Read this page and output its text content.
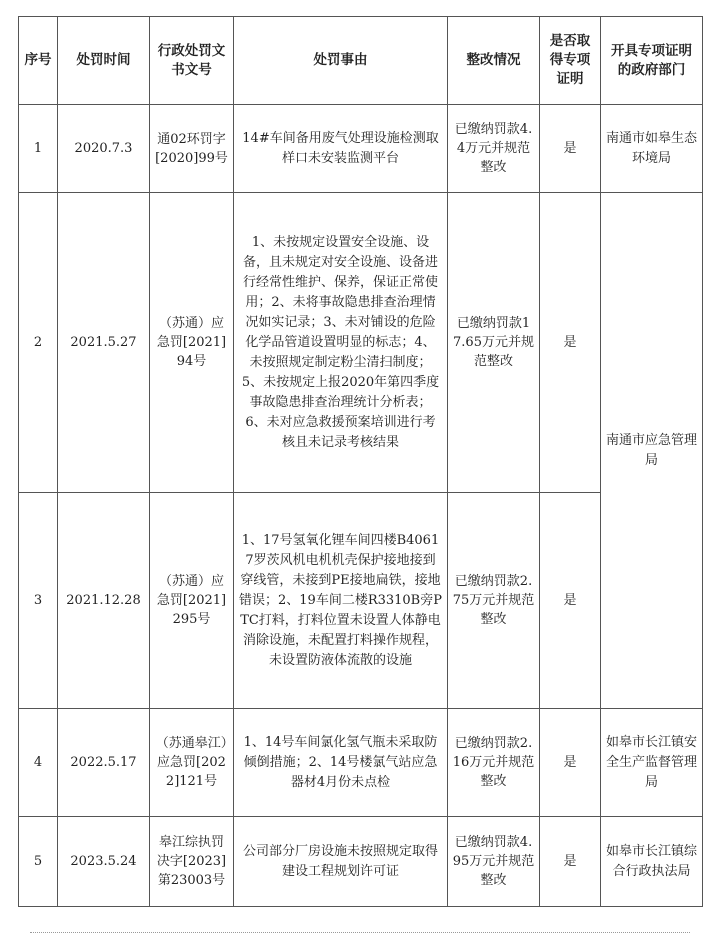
序号	处罚时间	行政处罚文书文号	处罚事由	整改情况	是否取得专项证明	开具专项证明的政府部门
1	2020.7.3	通02环罚字[2020]99号	14#车间备用废气处理设施检测取样口未安装监测平台	已缴纳罚款4.4万元并规范整改	是	南通市如皋生态环境局
2	2021.5.27	（苏通）应急罚[2021]94号	1、未按规定设置安全设施、设备，且未规定对安全设施、设备进行经常性维护、保养，保证正常使用；2、未将事故隐患排查治理情况如实记录；3、未对铺设的危险化学品管道设置明显的标志；4、未按照规定制定粉尘清扫制度；5、未按规定上报2020年第四季度事故隐患排查治理统计分析表；6、未对应急救援预案培训进行考核且未记录考核结果	已缴纳罚款17.65万元并规范整改	是	南通市应急管理局
3	2021.12.28	（苏通）应急罚[2021]295号	1、17号氢氧化锂车间四楼B40617罗茨风机电机机壳保护接地接到穿线管，未接到PE接地扁铁，接地错误；2、19车间二楼R3310B旁PTC打料，打料位置未设置人体静电消除设施，未配置打料操作规程，未设置防液体流散的设施	已缴纳罚款2.75万元并规范整改	是	
4	2022.5.17	（苏通皋江）应急罚[2022]121号	1、14号车间氯化氢气瓶未采取防倾倒措施；2、14号楼氯气站应急器材4月份未点检	已缴纳罚款2.16万元并规范整改	是	如皋市长江镇安全生产监督管理局
5	2023.5.24	皋江综执罚决字[2023]第23003号	公司部分厂房设施未按照规定取得建设工程规划许可证	已缴纳罚款4.95万元并规范整改	是	如皋市长江镇综合行政执法局
